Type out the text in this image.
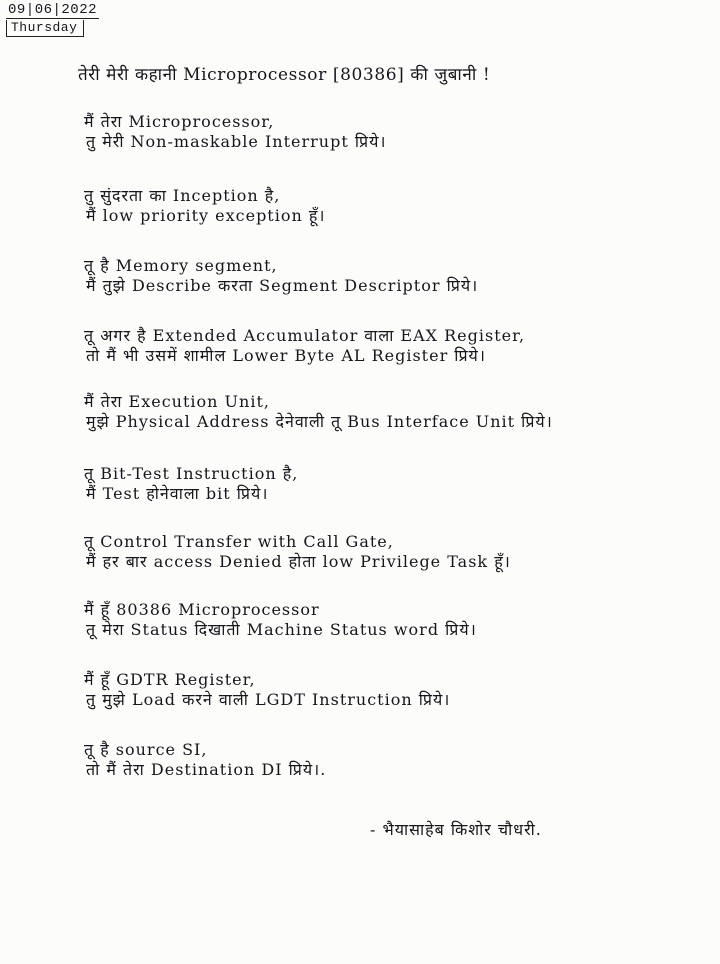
09|06|2022
Thursday
तेरी मेरी कहानी Microprocessor [80386] की जुबानी !
मैं तेरा Microprocessor,
तु मेरी Non-maskable Interrupt प्रिये।
तु सुंदरता का Inception है,
मैं low priority exception हूँ।
तू है Memory segment,
मैं तुझे Describe करता Segment Descriptor प्रिये।
तू अगर है Extended Accumulator वाला EAX Register,
तो मैं भी उसमें शामील Lower Byte AL Register प्रिये।
मैं तेरा Execution Unit,
मुझे Physical Address देनेवाली तू Bus Interface Unit प्रिये।
तू Bit-Test Instruction है,
मैं Test होनेवाला bit प्रिये।
तू Control Transfer with Call Gate,
मैं हर बार access Denied होता low Privilege Task हूँ।
मैं हूँ 80386 Microprocessor
तू मेरा Status दिखाती Machine Status word प्रिये।
मैं हूँ GDTR Register,
तु मुझे Load करने वाली LGDT Instruction प्रिये।
तू है source SI,
तो मैं तेरा Destination DI प्रिये।.
- भैयासाहेब किशोर चौधरी.
